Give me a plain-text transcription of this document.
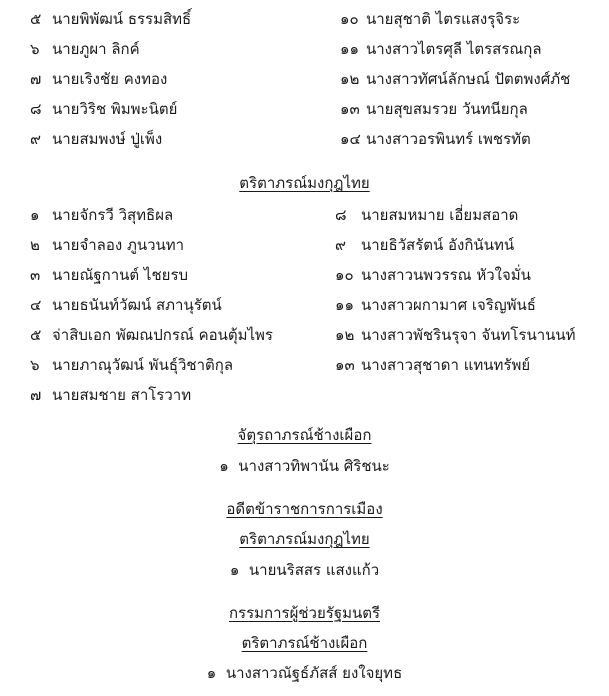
๕ นายพิพัฒน์ ธรรมสิทธิ์
๖ นายภูผา ลิกค์
๗ นายเริงชัย คงทอง
๘ นายวิริช พิมพะนิตย์
๙ นายสมพงษ์ ปู่เพ็ง
๑๐ นายสุชาติ ไตรแสงรุจิระ
๑๑ นางสาวไตรศุลี ไตรสรณกุล
๑๒ นางสาวทัศน์ลักษณ์ ปัตตพงศ์ภัช
๑๓ นายสุขสมรวย วันทนียกุล
๑๔ นางสาวอรพินทร์ เพชรทัต
ตริตาภรณ์มงกุฎไทย
๑ นายจักรวี วิสุทธิผล
๒ นายจำลอง ภูนวนทา
๓ นายณัฐกานต์ ไชยรบ
๔ นายธนันท์วัฒน์ สภานุรัตน์
๕ จ่าสิบเอก พัฒณปกรณ์ คอนตุ้มไพร
๖ นายภาณุวัฒน์ พันธุ์วิชาติกุล
๗ นายสมชาย สาโรวาท
๘ นายสมหมาย เอี่ยมสอาด
๙ นายธิวัสรัตน์ อังกินันทน์
๑๐ นางสาวนพวรรณ หัวใจมั่น
๑๑ นางสาวผกามาศ เจริญพันธ์
๑๒ นางสาวพัชรินรุจา จันทโรนานนท์
๑๓ นางสาวสุชาดา แทนทรัพย์
จัตุรถาภรณ์ช้างเผือก
๑ นางสาวทิพานัน ศิริชนะ
อดีตข้าราชการการเมือง
ตริตาภรณ์มงกุฎไทย
๑ นายนริสสร แสงแก้ว
กรรมการผู้ช่วยรัฐมนตรี
ตริตาภรณ์ช้างเผือก
๑ นางสาวณัฐธ์ภัสส์ ยงใจยุทธ
